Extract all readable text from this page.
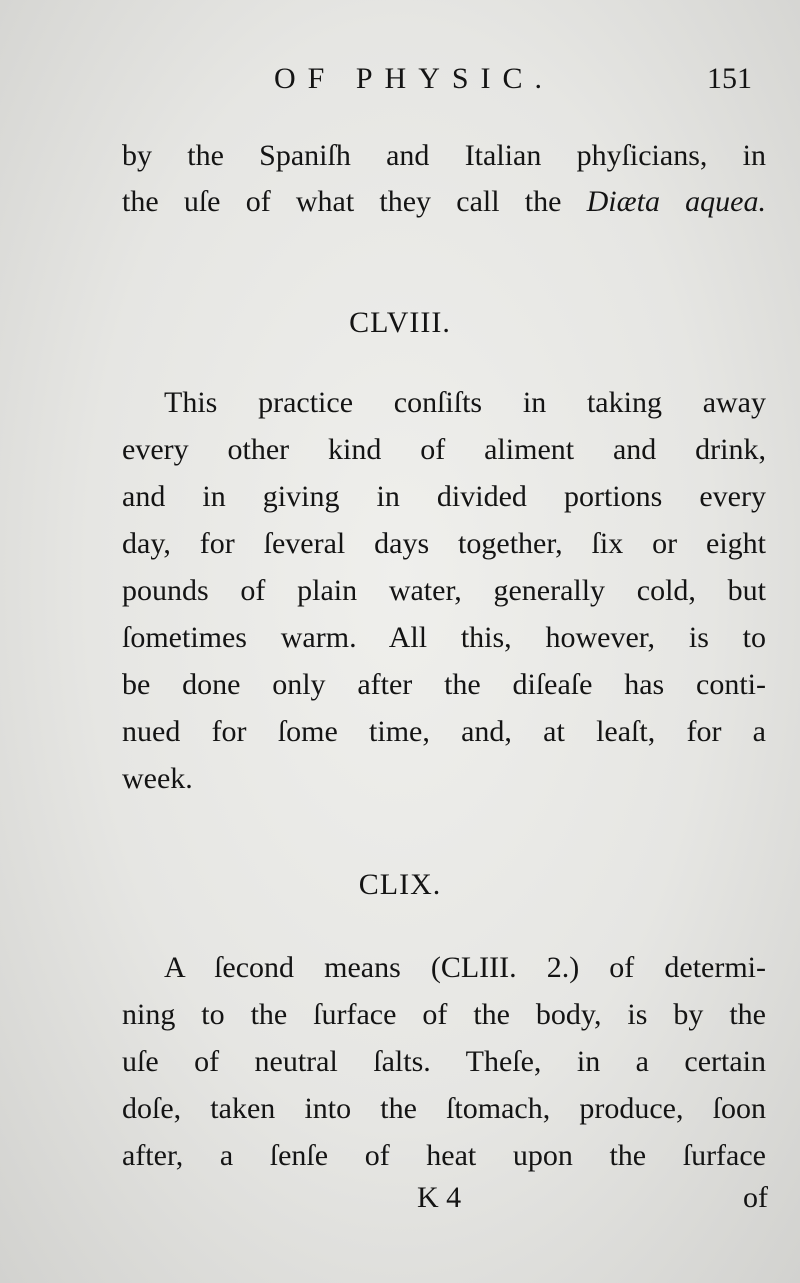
OF PHYSIC.	151
by the Spaniſh and Italian phyſicians, in
the uſe of what they call the Diæta aquea.
CLVIII.
This practice conſiſts in taking away
every other kind of aliment and drink,
and in giving in divided portions every
day, for ſeveral days together, ſix or eight
pounds of plain water, generally cold, but
ſometimes warm. All this, however, is to
be done only after the diſeaſe has conti-
nued for ſome time, and, at leaſt, for a
week.
CLIX.
A ſecond means (CLIII. 2.) of determi-
ning to the ſurface of the body, is by the
uſe of neutral ſalts. Theſe, in a certain
doſe, taken into the ſtomach, produce, ſoon
after, a ſenſe of heat upon the ſurface
K 4	of
